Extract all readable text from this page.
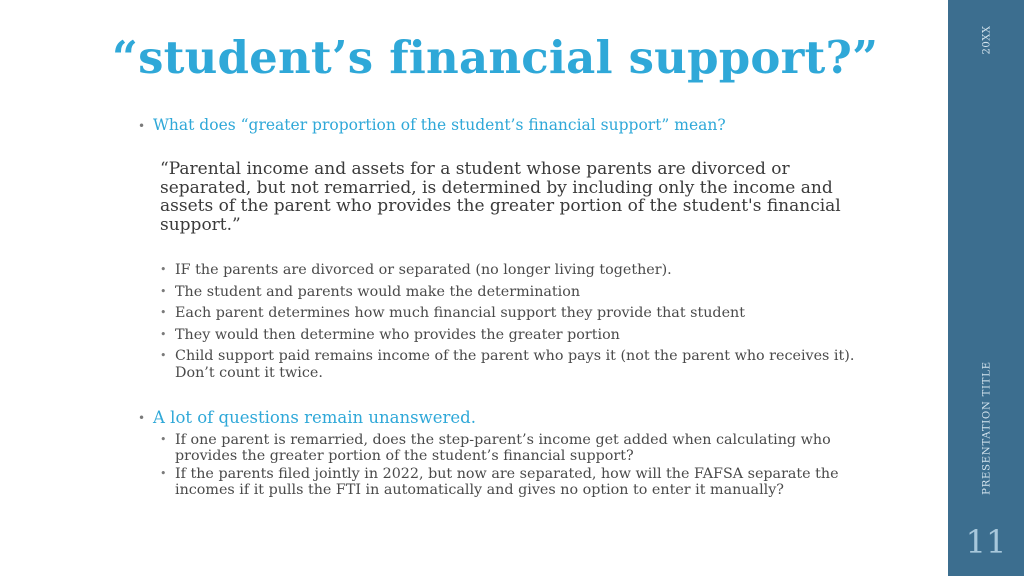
“student’s financial support?”
• What does “greater proportion of the student’s financial support” mean?
“Parental income and assets for a student whose parents are divorced or separated, but not remarried, is determined by including only the income and assets of the parent who provides the greater portion of the student's financial support.”
• IF the parents are divorced or separated (no longer living together).
• The student and parents would make the determination
• Each parent determines how much financial support they provide that student
• They would then determine who provides the greater portion
• Child support paid remains income of the parent who pays it (not the parent who receives it). Don’t count it twice.
• A lot of questions remain unanswered.
• If one parent is remarried, does the step-parent’s income get added when calculating who provides the greater portion of the student’s financial support?
• If the parents filed jointly in 2022, but now are separated, how will the FAFSA separate the incomes if it pulls the FTI in automatically and gives no option to enter it manually?
20XX
PRESENTATION TITLE
11
